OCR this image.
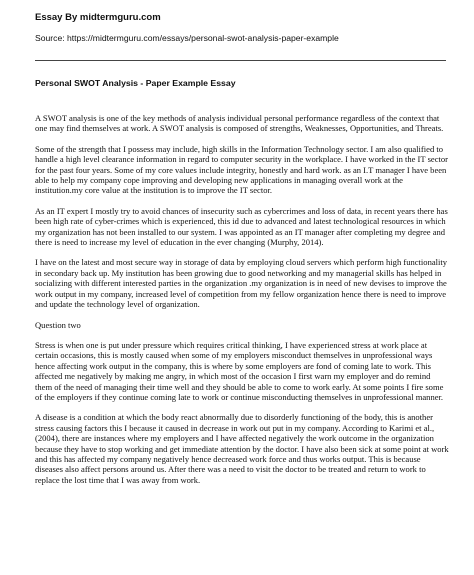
Essay By midtermguru.com

Source: https://midtermguru.com/essays/personal-swot-analysis-paper-example

Personal SWOT Analysis - Paper Example Essay

A SWOT analysis is one of the key methods of analysis individual personal performance regardless of the context that one may find themselves at work. A SWOT analysis is composed of strengths, Weaknesses, Opportunities, and Threats.

Some of the strength that I possess may include, high skills in the Information Technology sector. I am also qualified to handle a high level clearance information in regard to computer security in the workplace. I have worked in the IT sector for the past four years. Some of my core values include integrity, honestly and hard work. as an I.T manager I have been able to help my company cope improving and developing new applications in managing overall work at the institution.my core value at the institution is to improve the IT sector.

As an IT expert I mostly try to avoid chances of insecurity such as cybercrimes and loss of data, in recent years there has been high rate of cyber-crimes which is experienced, this id due to advanced and latest technological resources in which my organization has not been installed to our system. I was appointed as an IT manager after completing my degree and there is need to increase my level of education in the ever changing (Murphy, 2014).

I have on the latest and most secure way in storage of data by employing cloud servers which perform high functionality in secondary back up. My institution has been growing due to good networking and my managerial skills has helped in socializing with different interested parties in the organization .my organization is in need of new devises to improve the work output in my company, increased level of competition from my fellow organization hence there is need to improve and update the technology level of organization.

Question two

Stress is when one is put under pressure which requires critical thinking, I have experienced stress at work place at certain occasions, this is mostly caused when some of my employers misconduct themselves in unprofessional ways hence affecting work output in the company, this is where by some employers are fond of coming late to work. This affected me negatively by making me angry, in which most of the occasion I first warn my employer and do remind them of the need of managing their time well and they should be able to come to work early. At some points I fire some of the employers if they continue coming late to work or continue misconducting themselves in unprofessional manner.

A disease is a condition at which the body react abnormally due to disorderly functioning of the body, this is another stress causing factors this I because it caused in decrease in work out put in my company. According to Karimi et al., (2004), there are instances where my employers and I have affected negatively the work outcome in the organization because they have to stop working and get immediate attention by the doctor. I have also been sick at some point at work and this has affected my company negatively hence decreased work force and thus works output. This is because diseases also affect persons around us. After there was a need to visit the doctor to be treated and return to work to replace the lost time that I was away from work.
